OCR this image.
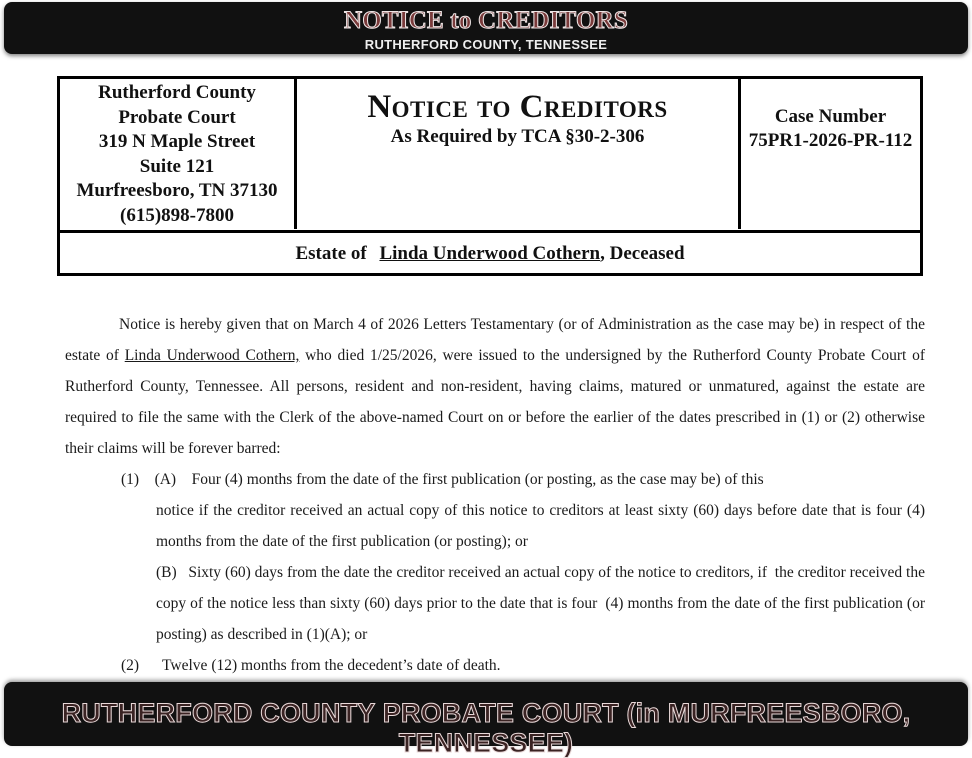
NOTICE to CREDITORS
RUTHERFORD COUNTY, TENNESSEE
Rutherford County
Probate Court
319 N Maple Street
Suite 121
Murfreesboro, TN 37130
(615)898-7800
Notice to Creditors
As Required by TCA §30-2-306
Case Number
75PR1-2026-PR-112
Estate of Linda Underwood Cothern, Deceased
Notice is hereby given that on March 4 of 2026 Letters Testamentary (or of Administration as the case may be) in respect of the estate of Linda Underwood Cothern, who died 1/25/2026, were issued to the undersigned by the Rutherford County Probate Court of Rutherford County, Tennessee. All persons, resident and non-resident, having claims, matured or unmatured, against the estate are required to file the same with the Clerk of the above-named Court on or before the earlier of the dates prescribed in (1) or (2) otherwise their claims will be forever barred:
(1)    (A)    Four (4) months from the date of the first publication (or posting, as the case may be) of this
notice if the creditor received an actual copy of this notice to creditors at least sixty (60) days before date that is four (4) months from the date of the first publication (or posting); or
(B)   Sixty (60) days from the date the creditor received an actual copy of the notice to creditors, if  the creditor received the copy of the notice less than sixty (60) days prior to the date that is four  (4) months from the date of the first publication (or posting) as described in (1)(A); or
(2)      Twelve (12) months from the decedent’s date of death.
RUTHERFORD COUNTY PROBATE COURT (in MURFREESBORO, TENNESSEE)
